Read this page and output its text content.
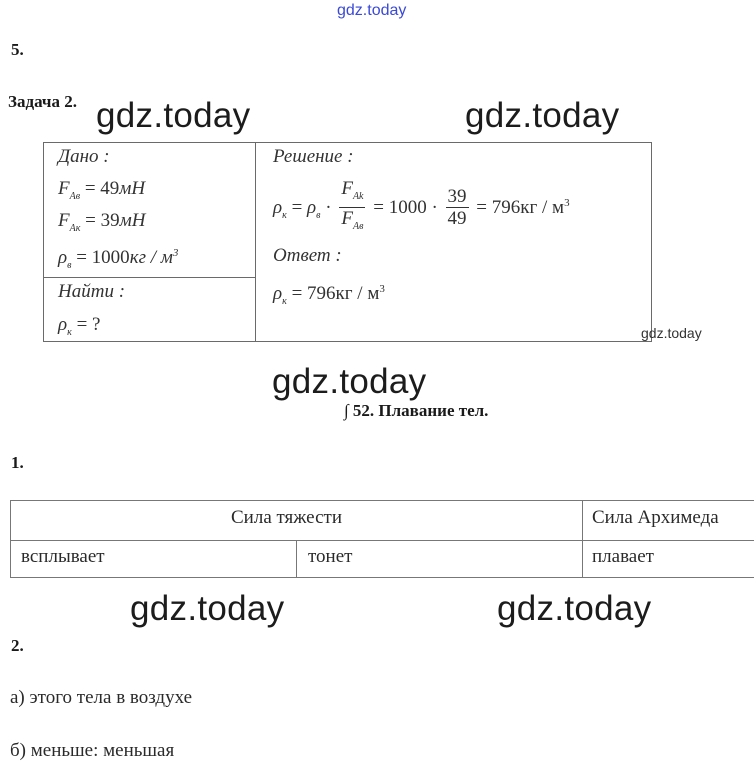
gdz.today
5.
Задача 2. gdz.today	gdz.today
Дано :
$F_{Ав} = 49мН$
$F_{Ак} = 39мН$
$\rho_в = 1000кг / м^3$
Найти :
$\rho_к$ = ?
Решение :
$\rho_к = \rho_в \cdot \frac{F_{Ak}}{F_{Ав}} = 1000 \cdot \frac{39}{49} = 796кг / м^3$
Ответ :
$\rho_к = 796кг / м^3$
gdz.today
gdz.today
∫ 52. Плавание тел.
1.
Сила тяжести	Сила Архимеда
всплывает	тонет	плавает
gdz.today	gdz.today
2.
а) этого тела в воздухе
б) меньше: меньшая
